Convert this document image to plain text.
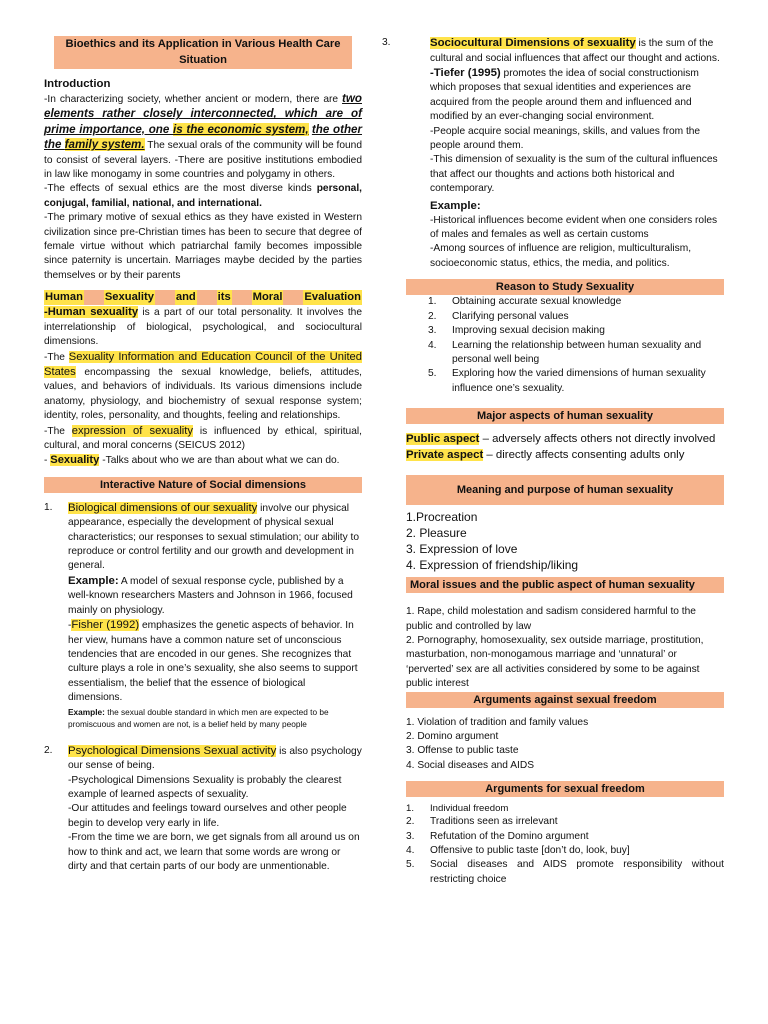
Bioethics and its Application in Various Health Care
Situation
Introduction

-In characterizing society, whether ancient or modern, there are two elements rather closely interconnected, which are of prime importance, one is the economic system, the other the family system. The sexual orals of the community will be found to consist of several layers. -There are positive institutions embodied in law like monogamy in some countries and polygamy in others.

-The effects of sexual ethics are the most diverse kinds personal, conjugal, familial, national, and international.

-The primary motive of sexual ethics as they have existed in Western civilization since pre-Christian times has been to secure that degree of female virtue without which patriarchal family becomes impossible since paternity is uncertain. Marriages maybe decided by the parties themselves or by their parents

Human Sexuality and its Moral Evaluation

-Human sexuality is a part of our total personality. It involves the interrelationship of biological, psychological, and sociocultural dimensions.

-The Sexuality Information and Education Council of the United States encompassing the sexual knowledge, beliefs, attitudes, values, and behaviors of individuals. Its various dimensions include anatomy, physiology, and biochemistry of sexual response system; identity, roles, personality, and thoughts, feeling and relationships.

-The expression of sexuality is influenced by ethical, spiritual, cultural, and moral concerns (SEICUS 2012)

- Sexuality -Talks about who we are than about what we can do.

Interactive Nature of Social dimensions
1. Biological dimensions of our sexuality involve our physical appearance, especially the development of physical sexual characteristics; our responses to sexual stimulation; our ability to reproduce or control fertility and our growth and development in general.
Example: A model of sexual response cycle, published by a well-known researchers Masters and Johnson in 1966, focused mainly on physiology.
-Fisher (1992) emphasizes the genetic aspects of behavior. In her view, humans have a common nature set of unconscious tendencies that are encoded in our genes. She recognizes that culture plays a role in one’s sexuality, she also seems to support essentialism, the belief that the essence of biological dimensions.
Example: the sexual double standard in which men are expected to be promiscuous and women are not, is a belief held by many people
2. Psychological Dimensions Sexual activity is also psychology our sense of being.
-Psychological Dimensions Sexuality is probably the clearest example of learned aspects of sexuality.
-Our attitudes and feelings toward ourselves and other people begin to develop very early in life.
-From the time we are born, we get signals from all around us on how to think and act, we learn that some words are wrong or dirty and that certain parts of our body are unmentionable.
3.	Sociocultural Dimensions of sexuality is the sum of the cultural and social influences that affect our thought and actions.
-Tiefer (1995) promotes the idea of social constructionism which proposes that sexual identities and experiences are acquired from the people around them and influenced and modified by an ever-changing social environment.
-People acquire social meanings, skills, and values from the people around them.
-This dimension of sexuality is the sum of the cultural influences that affect our thoughts and actions both historical and contemporary.
Example:
-Historical influences become evident when one considers roles of males and females as well as certain customs
-Among sources of influence are religion, multiculturalism, socioeconomic status, ethics, the media, and politics.
Reason to Study Sexuality
1. Obtaining accurate sexual knowledge
2. Clarifying personal values
3. Improving sexual decision making
4. Learning the relationship between human sexuality and personal well being
5. Exploring how the varied dimensions of human sexuality influence one’s sexuality.
Major aspects of human sexuality
Public aspect – adversely affects others not directly involved
Private aspect – directly affects consenting adults only
Meaning and purpose of human sexuality
1.Procreation
2. Pleasure
3. Expression of love
4. Expression of friendship/liking
Moral issues and the public aspect of human sexuality
1. Rape, child molestation and sadism considered harmful to the public and controlled by law
2. Pornography, homosexuality, sex outside marriage, prostitution, masturbation, non-monogamous marriage and ‘unnatural’ or ‘perverted’ sex are all activities considered by some to be against public interest
Arguments against sexual freedom
1. Violation of tradition and family values
2. Domino argument
3. Offense to public taste
4. Social diseases and AIDS
Arguments for sexual freedom
1. Individual freedom
2. Traditions seen as irrelevant
3. Refutation of the Domino argument
4. Offensive to public taste [don’t do, look, buy]
5. Social diseases and AIDS promote responsibility without restricting choice
